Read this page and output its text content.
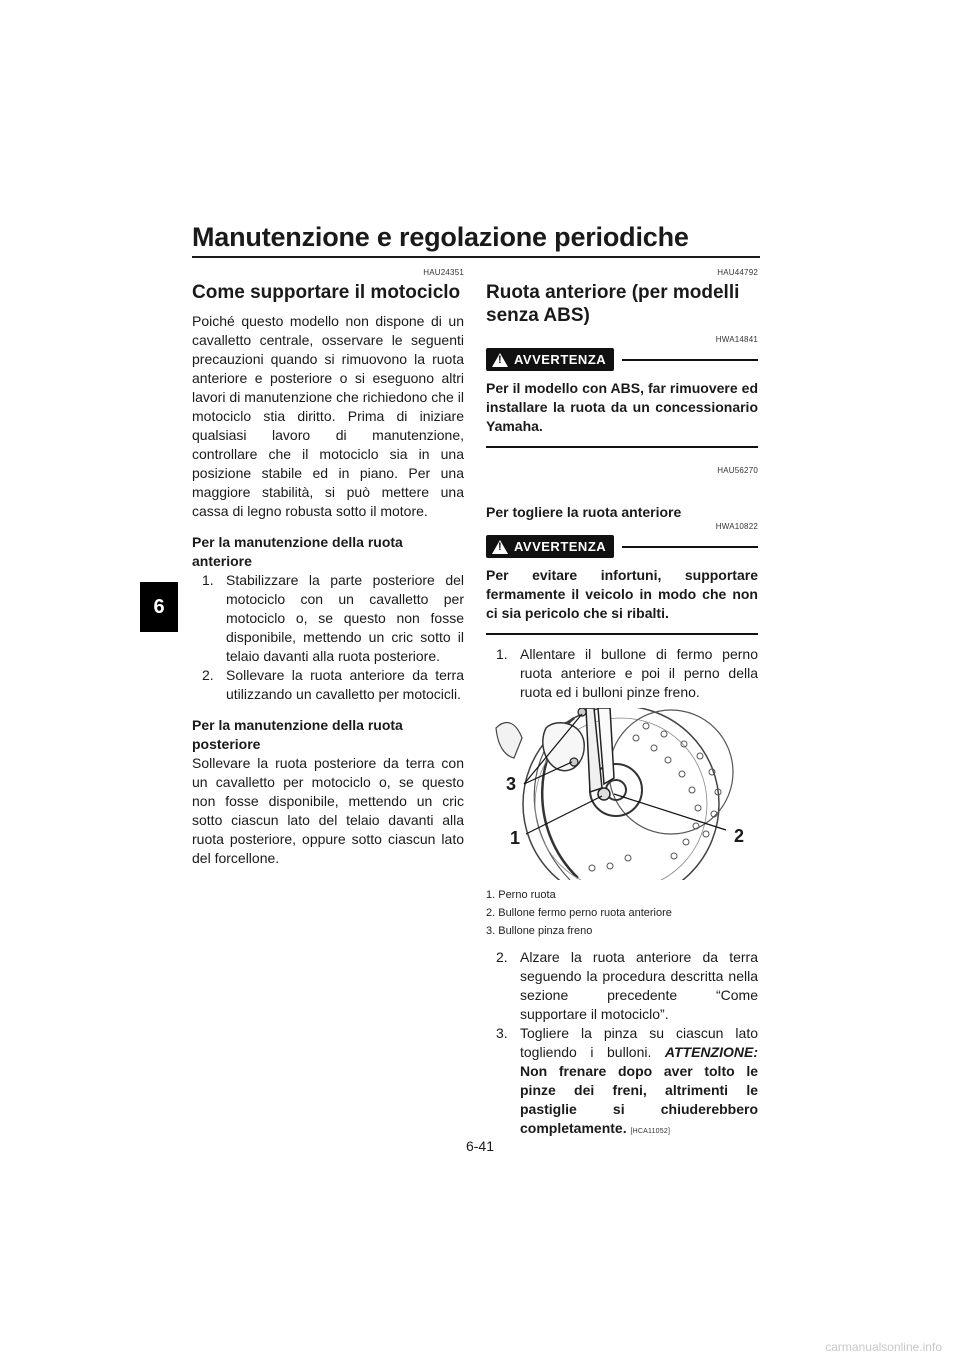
Manutenzione e regolazione periodiche
6
HAU24351
Come supportare il motociclo

Poiché questo modello non dispone di un cavalletto centrale, osservare le seguenti precauzioni quando si rimuovono la ruota anteriore e posteriore o si eseguono altri lavori di manutenzione che richiedono che il motociclo stia diritto. Prima di iniziare qualsiasi lavoro di manutenzione, controllare che il motociclo sia in una posizione stabile ed in piano. Per una maggiore stabilità, si può mettere una cassa di legno robusta sotto il motore.

Per la manutenzione della ruota anteriore
1. Stabilizzare la parte posteriore del motociclo con un cavalletto per motociclo o, se questo non fosse disponibile, mettendo un cric sotto il telaio davanti alla ruota posteriore.
2. Sollevare la ruota anteriore da terra utilizzando un cavalletto per motocicli.
Per la manutenzione della ruota posteriore

Sollevare la ruota posteriore da terra con un cavalletto per motociclo o, se questo non fosse disponibile, mettendo un cric sotto ciascun lato del telaio davanti alla ruota posteriore, oppure sotto ciascun lato del forcellone.

HAU44792
Ruota anteriore (per modelli senza ABS)
HWA14841
!
AVVERTENZA

Per il modello con ABS, far rimuovere ed installare la ruota da un concessionario Yamaha.

HAU56270
Per togliere la ruota anteriore
HWA10822
!
AVVERTENZA

Per evitare infortuni, supportare fermamente il veicolo in modo che non ci sia pericolo che si ribalti.

1. Allentare il bullone di fermo perno ruota anteriore e poi il perno della ruota ed i bulloni pinze freno.
3
1	2

1. Perno ruota

2. Bullone fermo perno ruota anteriore

3. Bullone pinza freno

2. Alzare la ruota anteriore da terra seguendo la procedura descritta nella sezione precedente “Come supportare il motociclo”.
3. Togliere la pinza su ciascun lato togliendo i bulloni. ATTENZIONE: Non frenare dopo aver tolto le pinze dei freni, altrimenti le pastiglie si chiuderebbero completamente. [HCA11052]
6-41
carmanualsonline.info
